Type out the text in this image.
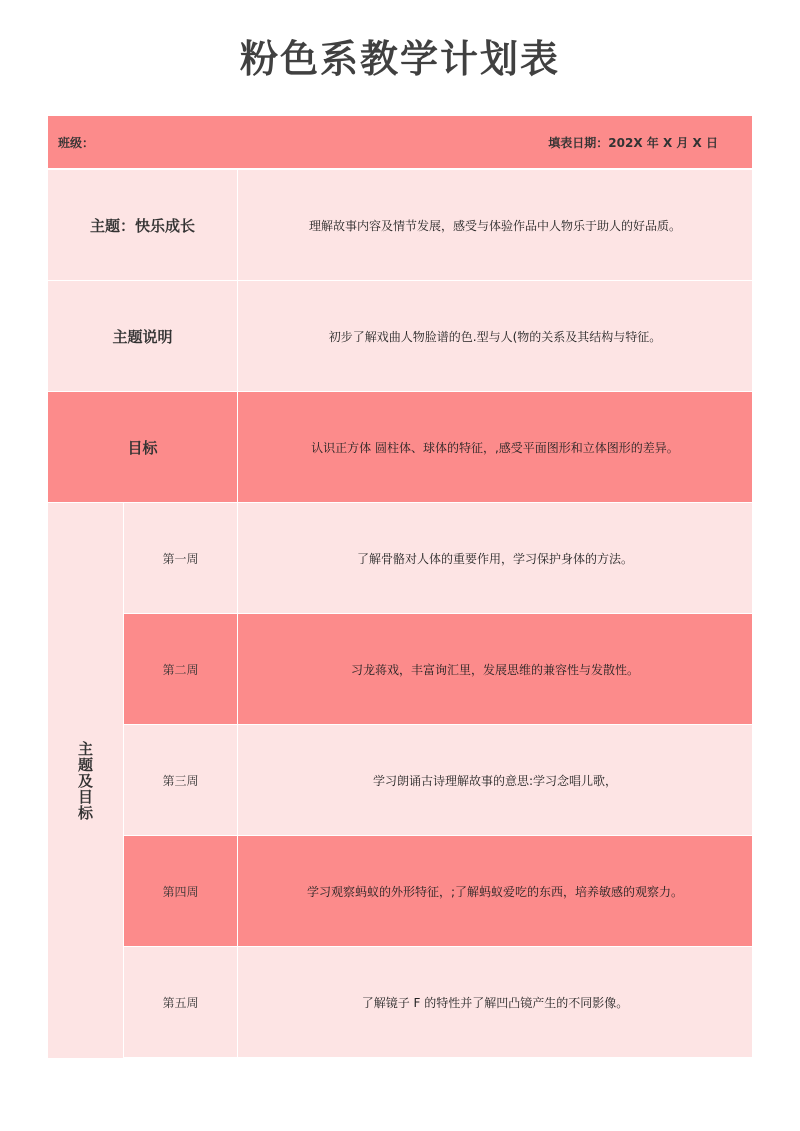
粉色系教学计划表
班级：	填表日期：202X 年 X 月 X 日
主题：快乐成长	理解故事内容及情节发展，感受与体验作品中人物乐于助人的好品质。
主题说明	初步了解戏曲人物脸谱的色.型与人(物的关系及其结构与特征。
目标	认识正方体 圆柱体、球体的特征，,感受平面图形和立体图形的差异。
主题及目标
第一周	了解骨骼对人体的重要作用，学习保护身体的方法。
第二周	习龙蒋戏，丰富询汇里，发展思维的兼容性与发散性。
第三周	学习朗诵古诗理解故事的意思:学习念唱儿歌，
第四周	学习观察蚂蚁的外形特征，;了解蚂蚁爱吃的东西，培养敏感的观察力。
第五周	了解镜子 F 的特性并了解凹凸镜产生的不同影像。
